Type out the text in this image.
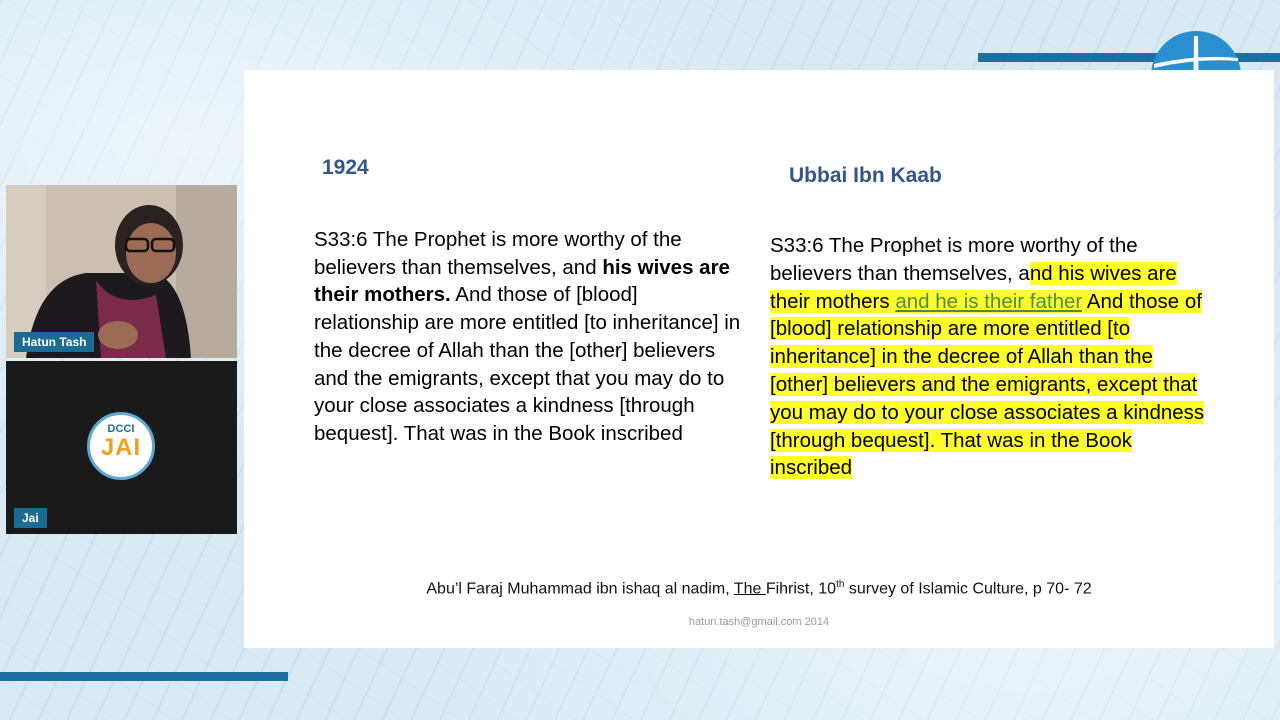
1924	Ubbai Ibn Kaab

S33:6 The Prophet is more worthy of the believers than themselves, and his wives are their mothers. And those of [blood] relationship are more entitled [to inheritance] in the decree of Allah than the [other] believers and the emigrants, except that you may do to your close associates a kindness [through bequest]. That was in the Book inscribed

S33:6 The Prophet is more worthy of the believers than themselves, and his wives are their mothers and he is their father And those of [blood] relationship are more entitled [to inheritance] in the decree of Allah than the [other] believers and the emigrants, except that you may do to your close associates a kindness [through bequest]. That was in the Book inscribed

Abu’l Faraj Muhammad ibn ishaq al nadim, The Fihrist, 10th survey of Islamic Culture, p 70- 72

hatun.tash@gmail.com 2014

Hatun Tash
DCCI
JAI
Jai
